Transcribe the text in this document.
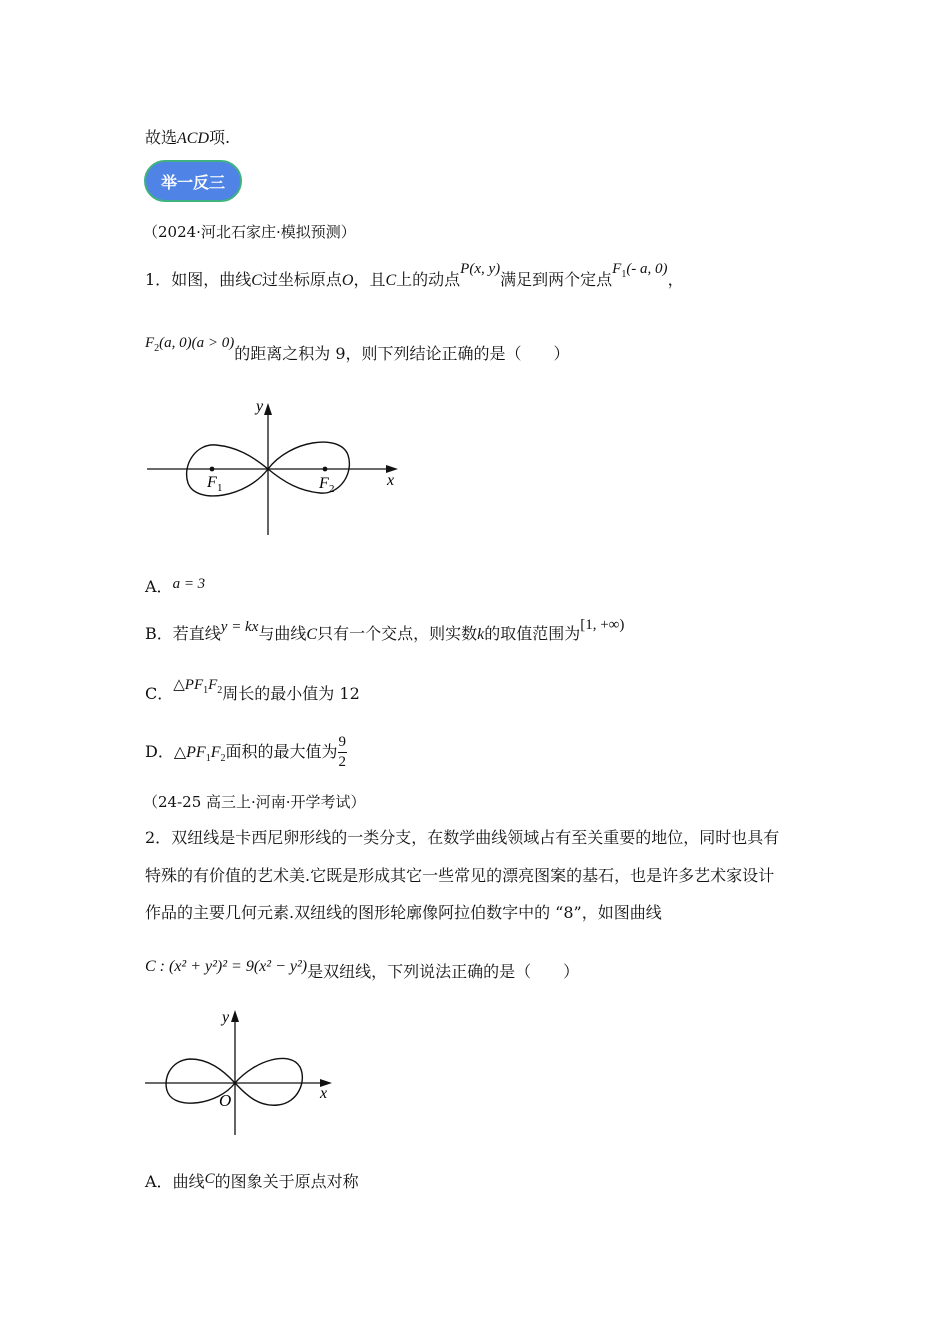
故选ACD项.
举一反三
（2024·河北石家庄·模拟预测）
1．如图，曲线C过坐标原点O，且C上的动点P(x, y)满足到两个定点$F_1(-$ a, 0)，
$F_2(a$, 0)(a > 0)的距离之积为 9，则下列结论正确的是（　　）
y
x
F 1	F 2
A．a = 3
B．若直线y = kx与曲线C只有一个交点，则实数k的取值范围为[1, +∞)
C．$\triangle PF_1F_2$周长的最小值为 12
D．$\triangle PF_1F_2$面积的最大值为 $\frac{9}{2}$
（24-25 高三上·河南·开学考试）
2．双纽线是卡西尼卵形线的一类分支，在数学曲线领域占有至关重要的地位，同时也具有
特殊的有价值的艺术美.它既是形成其它一些常见的漂亮图案的基石，也是许多艺术家设计
作品的主要几何元素.双纽线的图形轮廓像阿拉伯数字中的 “8”，如图曲线
C : (x² + y²)² = 9(x² − y²)是双纽线，下列说法正确的是（　　）
y
x
O
A．曲线C的图象关于原点对称
